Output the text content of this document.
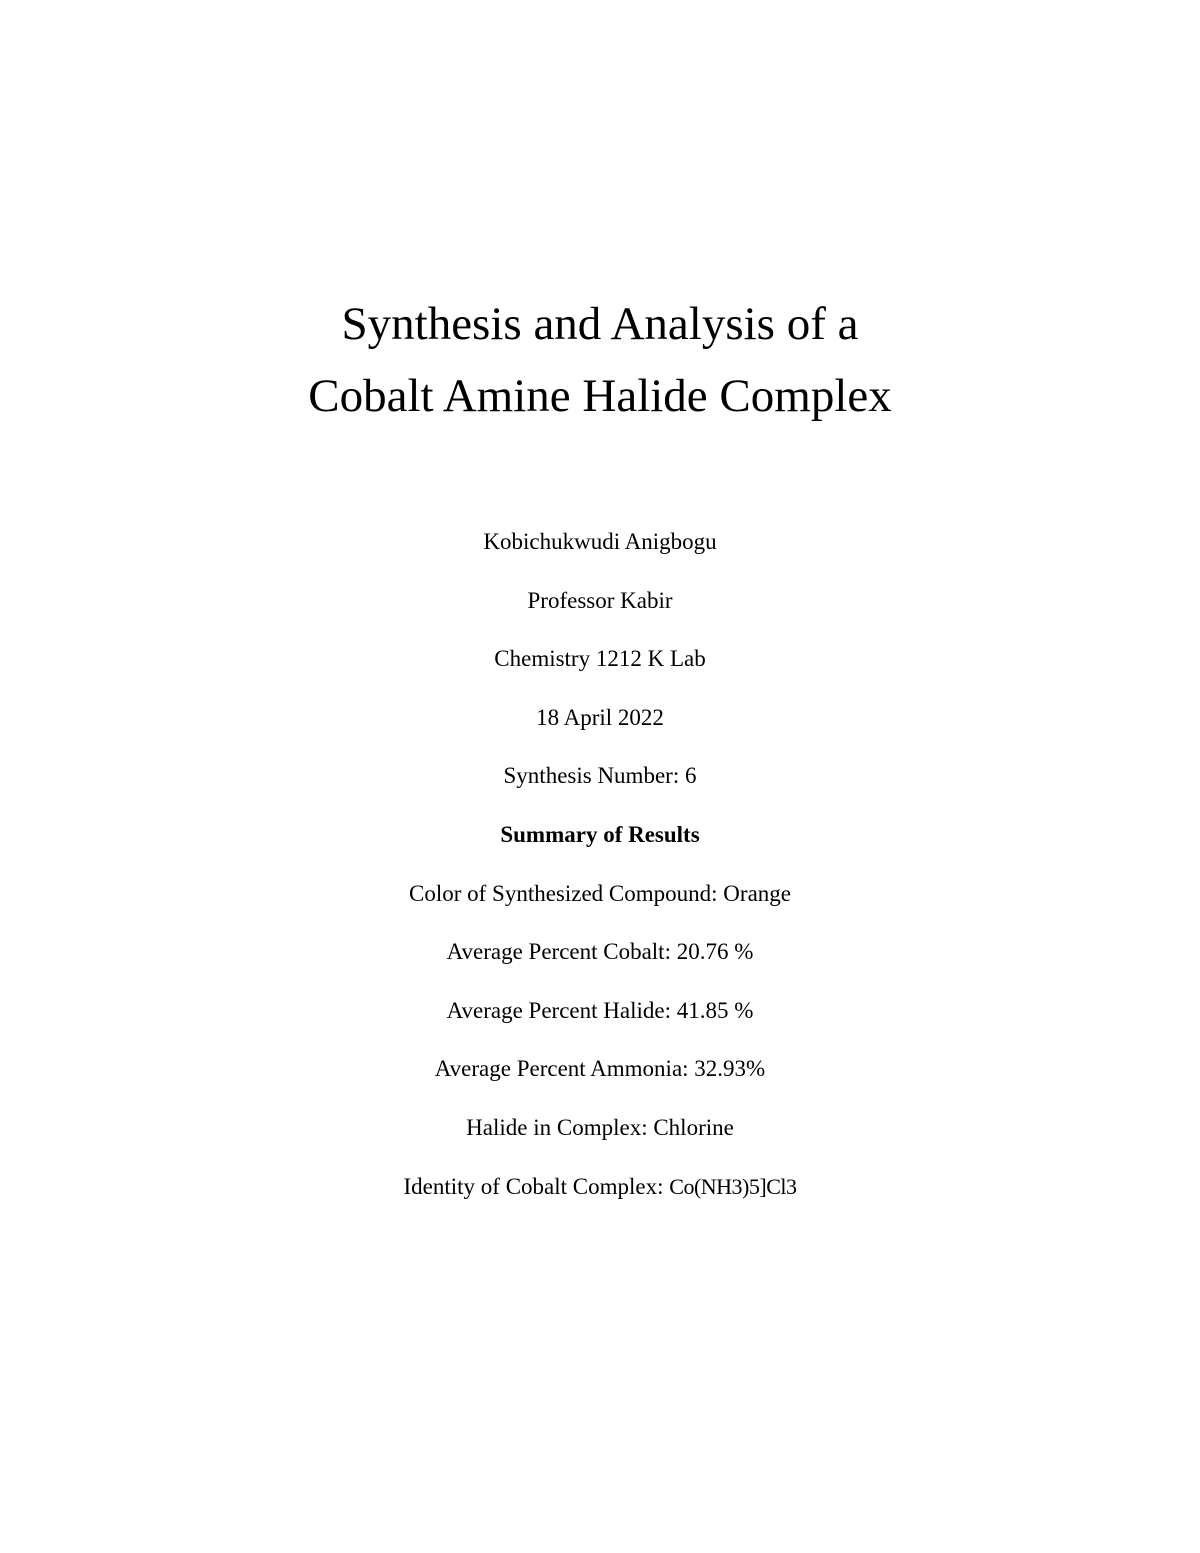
Synthesis and Analysis of a
Cobalt Amine Halide Complex
Kobichukwudi Anigbogu
Professor Kabir
Chemistry 1212 K Lab
18 April 2022
Synthesis Number: 6
Summary of Results
Color of Synthesized Compound: Orange
Average Percent Cobalt: 20.76 %
Average Percent Halide: 41.85 %
Average Percent Ammonia: 32.93%
Halide in Complex: Chlorine
Identity of Cobalt Complex: Co(NH3)5]Cl3
